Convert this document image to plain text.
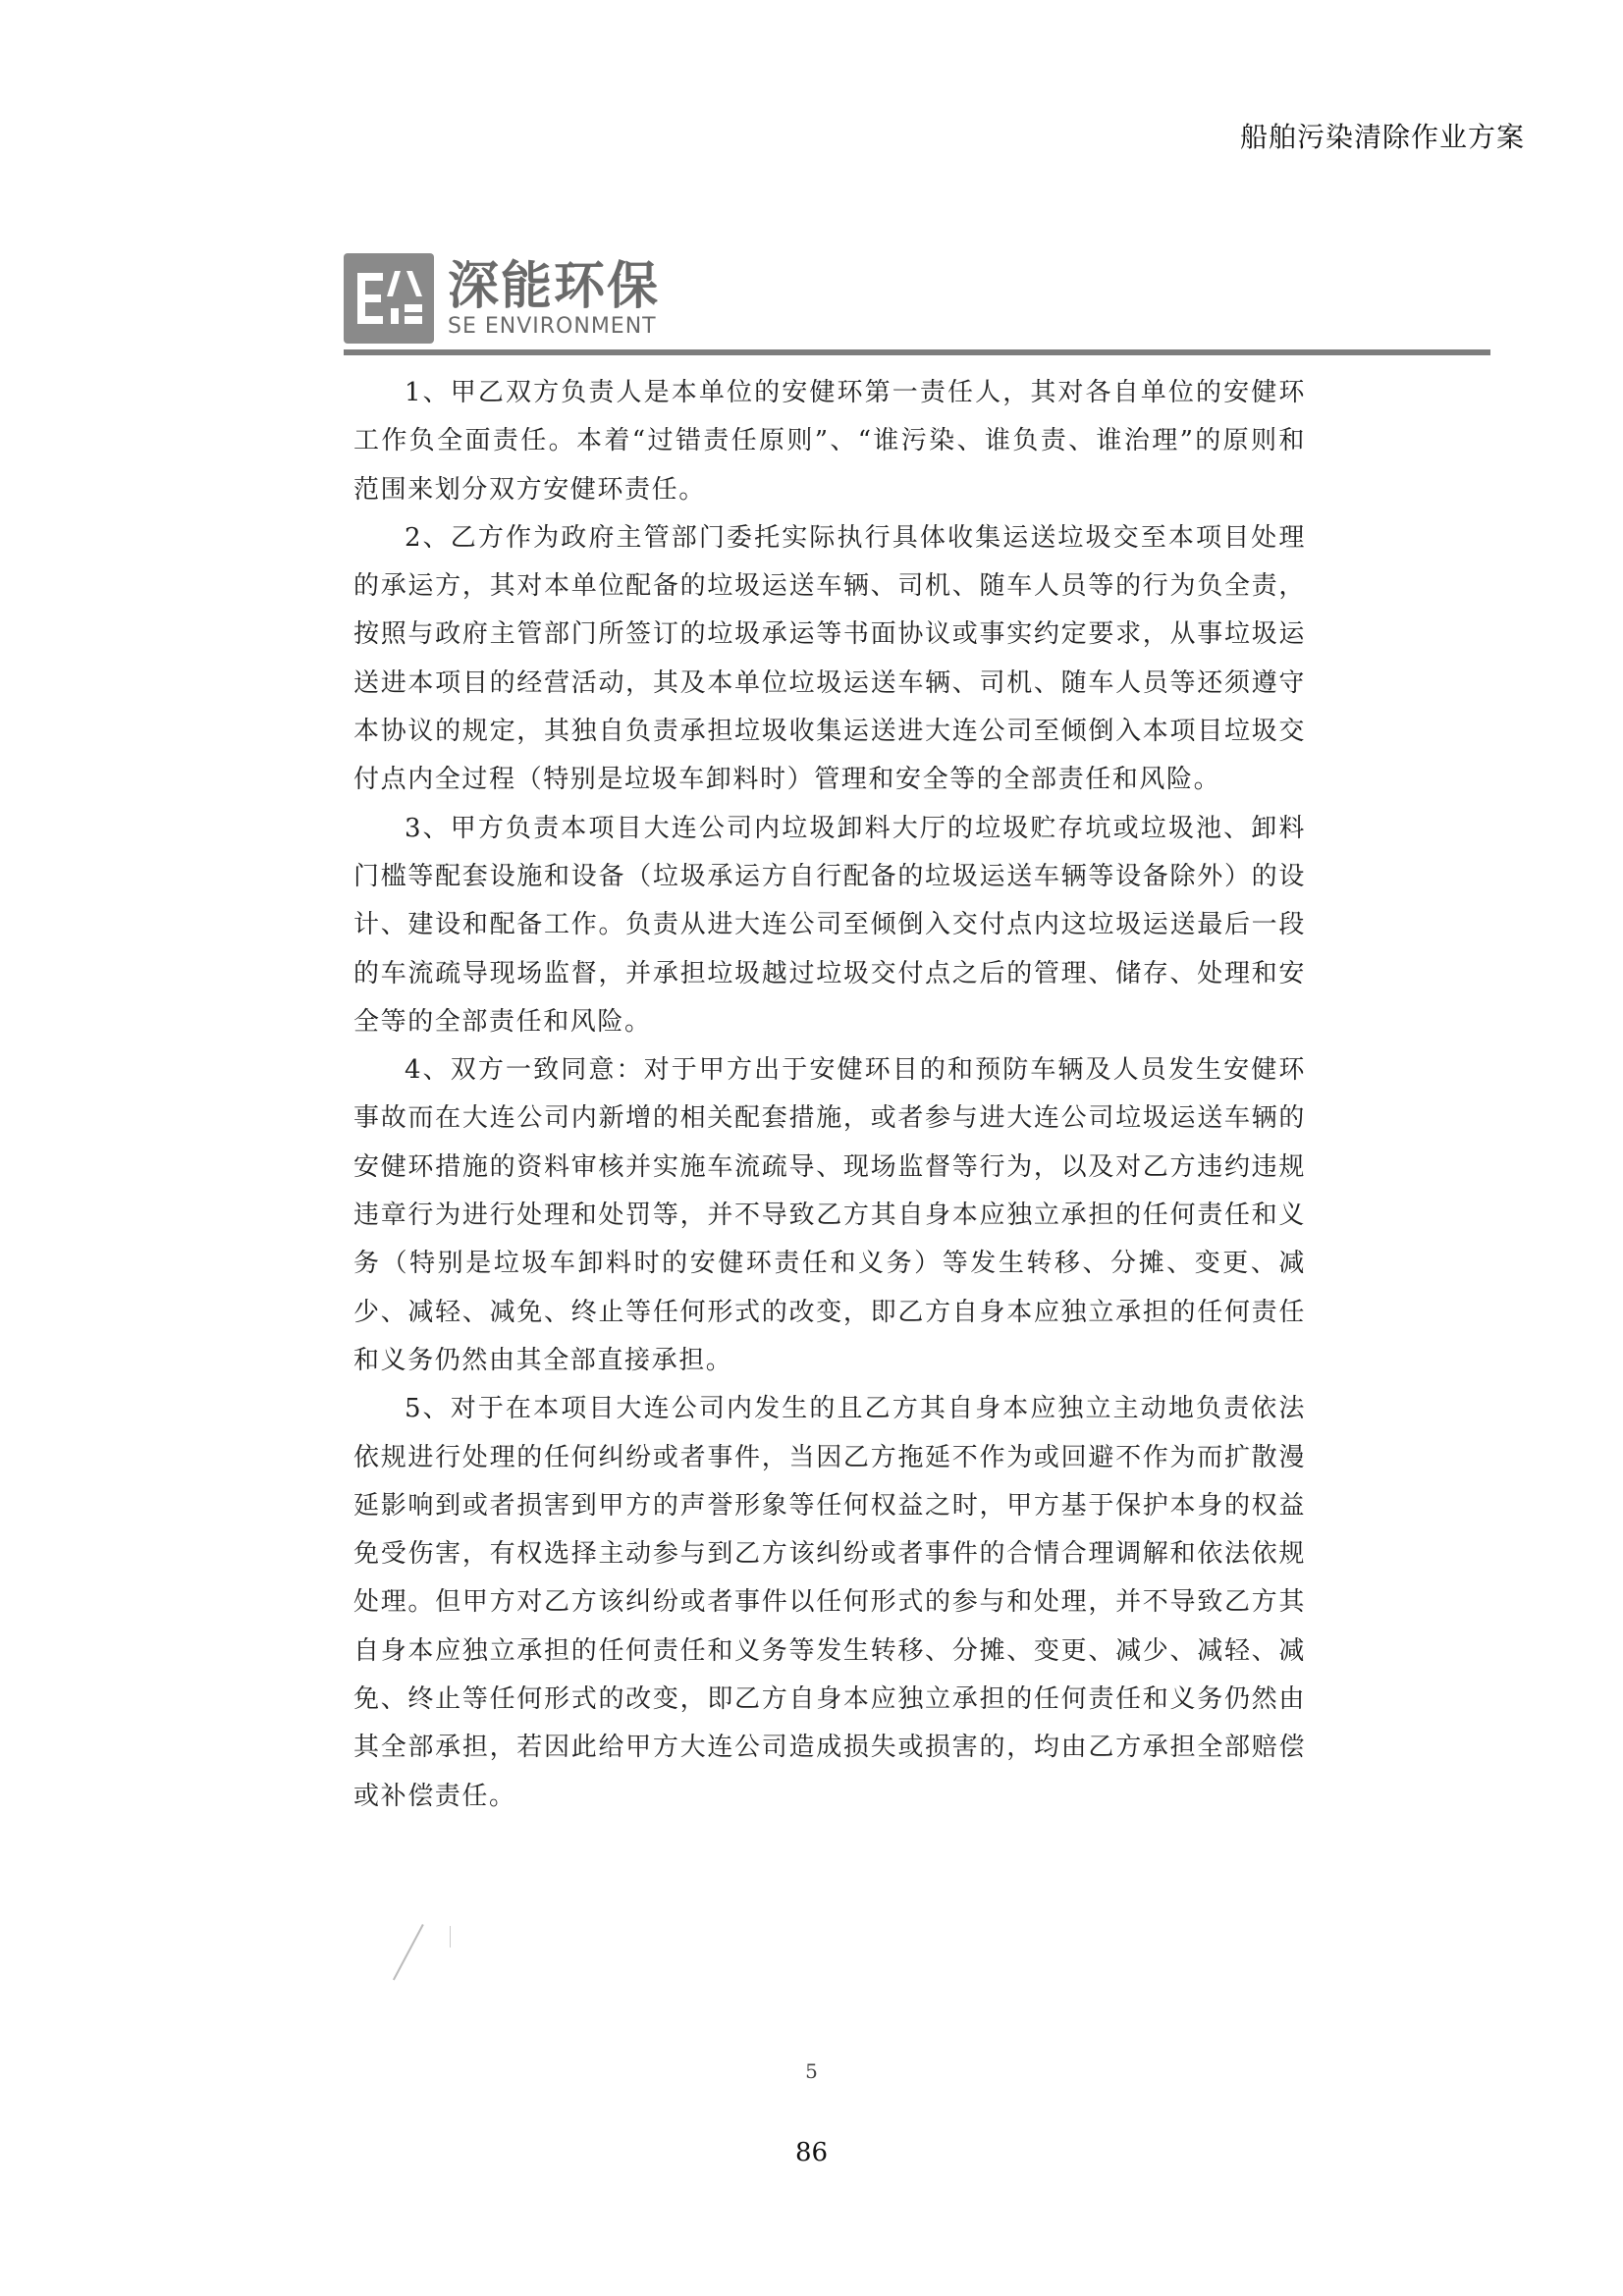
船舶污染清除作业方案
深能环保
SE ENVIRONMENT

1、甲乙双方负责人是本单位的安健环第一责任人，其对各自单位的安健环工作负全面责任。本着“过错责任原则”、“谁污染、谁负责、谁治理”的原则和范围来划分双方安健环责任。

2、乙方作为政府主管部门委托实际执行具体收集运送垃圾交至本项目处理的承运方，其对本单位配备的垃圾运送车辆、司机、随车人员等的行为负全责，按照与政府主管部门所签订的垃圾承运等书面协议或事实约定要求，从事垃圾运送进本项目的经营活动，其及本单位垃圾运送车辆、司机、随车人员等还须遵守本协议的规定，其独自负责承担垃圾收集运送进大连公司至倾倒入本项目垃圾交付点内全过程（特别是垃圾车卸料时）管理和安全等的全部责任和风险。

3、甲方负责本项目大连公司内垃圾卸料大厅的垃圾贮存坑或垃圾池、卸料门槛等配套设施和设备（垃圾承运方自行配备的垃圾运送车辆等设备除外）的设计、建设和配备工作。负责从进大连公司至倾倒入交付点内这垃圾运送最后一段的车流疏导现场监督，并承担垃圾越过垃圾交付点之后的管理、储存、处理和安全等的全部责任和风险。

4、双方一致同意：对于甲方出于安健环目的和预防车辆及人员发生安健环事故而在大连公司内新增的相关配套措施，或者参与进大连公司垃圾运送车辆的安健环措施的资料审核并实施车流疏导、现场监督等行为，以及对乙方违约违规违章行为进行处理和处罚等，并不导致乙方其自身本应独立承担的任何责任和义务（特别是垃圾车卸料时的安健环责任和义务）等发生转移、分摊、变更、减少、减轻、减免、终止等任何形式的改变，即乙方自身本应独立承担的任何责任和义务仍然由其全部直接承担。

5、对于在本项目大连公司内发生的且乙方其自身本应独立主动地负责依法依规进行处理的任何纠纷或者事件，当因乙方拖延不作为或回避不作为而扩散漫延影响到或者损害到甲方的声誉形象等任何权益之时，甲方基于保护本身的权益免受伤害，有权选择主动参与到乙方该纠纷或者事件的合情合理调解和依法依规处理。但甲方对乙方该纠纷或者事件以任何形式的参与和处理，并不导致乙方其自身本应独立承担的任何责任和义务等发生转移、分摊、变更、减少、减轻、减免、终止等任何形式的改变，即乙方自身本应独立承担的任何责任和义务仍然由其全部承担，若因此给甲方大连公司造成损失或损害的，均由乙方承担全部赔偿或补偿责任。

5
86
